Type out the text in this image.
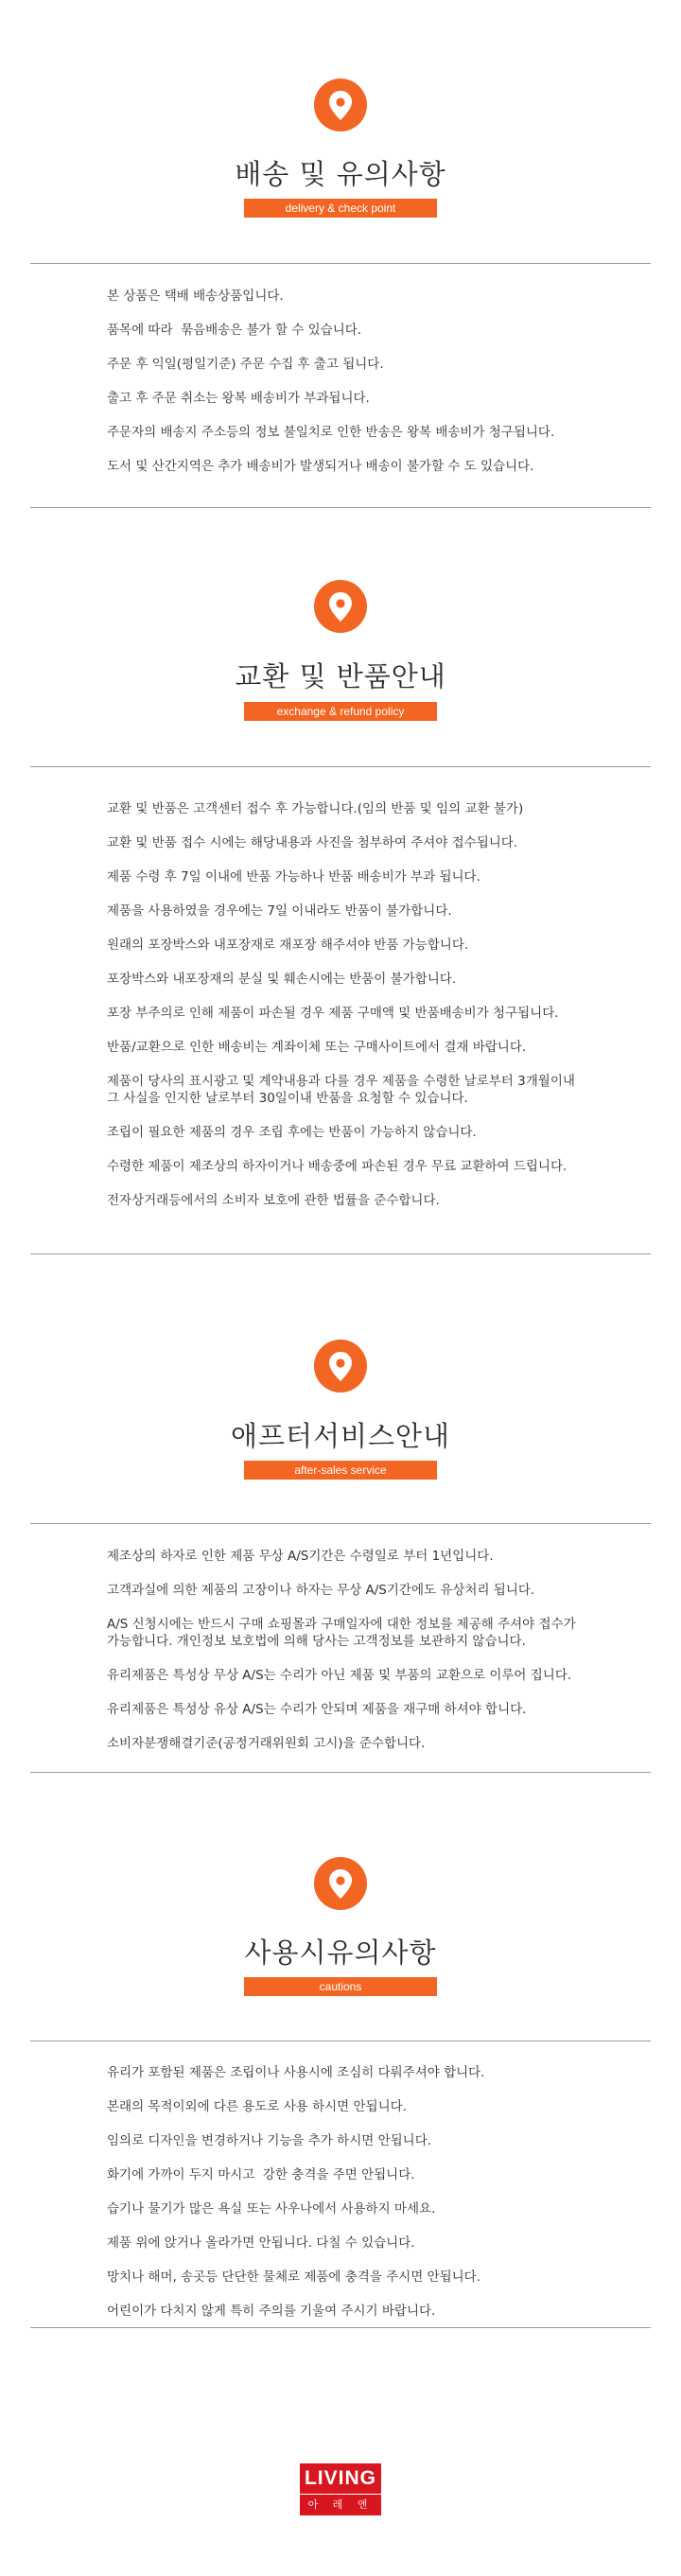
배송 및 유의사항
delivery & check point
본 상품은 택배 배송상품입니다.
품목에 따라  묶음배송은 불가 할 수 있습니다.
주문 후 익일(평일기준) 주문 수집 후 출고 됩니다.
출고 후 주문 취소는 왕복 배송비가 부과됩니다.
주문자의 배송지 주소등의 정보 불일치로 인한 반송은 왕복 배송비가 청구됩니다.
도서 및 산간지역은 추가 배송비가 발생되거나 배송이 불가할 수 도 있습니다.
교환 및 반품안내
exchange & refund policy
교환 및 반품은 고객센터 접수 후 가능합니다.(임의 반품 및 임의 교환 불가)
교환 및 반품 접수 시에는 해당내용과 사진을 첨부하여 주셔야 접수됩니다.
제품 수령 후 7일 이내에 반품 가능하나 반품 배송비가 부과 됩니다.
제품을 사용하였을 경우에는 7일 이내라도 반품이 불가합니다.
원래의 포장박스와 내포장재로 재포장 해주셔야 반품 가능합니다.
포장박스와 내포장재의 분실 및 훼손시에는 반품이 불가합니다.
포장 부주의로 인해 제품이 파손될 경우 제품 구매액 및 반품배송비가 청구됩니다.
반품/교환으로 인한 배송비는 계좌이체 또는 구매사이트에서 결재 바랍니다.
제품이 당사의 표시광고 및 계약내용과 다를 경우 제품을 수령한 날로부터 3개월이내
그 사실을 인지한 날로부터 30일이내 반품을 요청할 수 있습니다.
조립이 필요한 제품의 경우 조립 후에는 반품이 가능하지 않습니다.
수령한 제품이 제조상의 하자이거나 배송중에 파손된 경우 무료 교환하여 드립니다.
전자상거래등에서의 소비자 보호에 관한 법률을 준수합니다.
애프터서비스안내
after-sales service
제조상의 하자로 인한 제품 무상 A/S기간은 수령일로 부터 1년입니다.
고객과실에 의한 제품의 고장이나 하자는 무상 A/S기간에도 유상처리 됩니다.
A/S 신청시에는 반드시 구매 쇼핑몰과 구매일자에 대한 정보를 제공해 주셔야 접수가
가능합니다. 개인정보 보호법에 의해 당사는 고객정보를 보관하지 않습니다.
유리제품은 특성상 무상 A/S는 수리가 아닌 제품 및 부품의 교환으로 이루어 집니다.
유리제품은 특성상 유상 A/S는 수리가 안되며 제품을 재구매 하셔야 합니다.
소비자분쟁해결기준(공정거래위원회 고시)을 준수합니다.
사용시유의사항
cautions
유리가 포함된 제품은 조립이나 사용시에 조심히 다뤄주셔야 합니다.
본래의 목적이외에 다른 용도로 사용 하시면 안됩니다.
임의로 디자인을 변경하거나 기능을 추가 하시면 안됩니다.
화기에 가까이 두지 마시고  강한 충격을 주면 안됩니다.
습기나 물기가 많은 욕실 또는 사우나에서 사용하지 마세요.
제품 위에 앉거나 올라가면 안됩니다. 다칠 수 있습니다.
망치나 해머, 송곳등 단단한 물체로 제품에 충격을 주시면 안됩니다.
어린이가 다치지 않게 특히 주의를 기울여 주시기 바랍니다.
LIVING
아 레 앤 코
